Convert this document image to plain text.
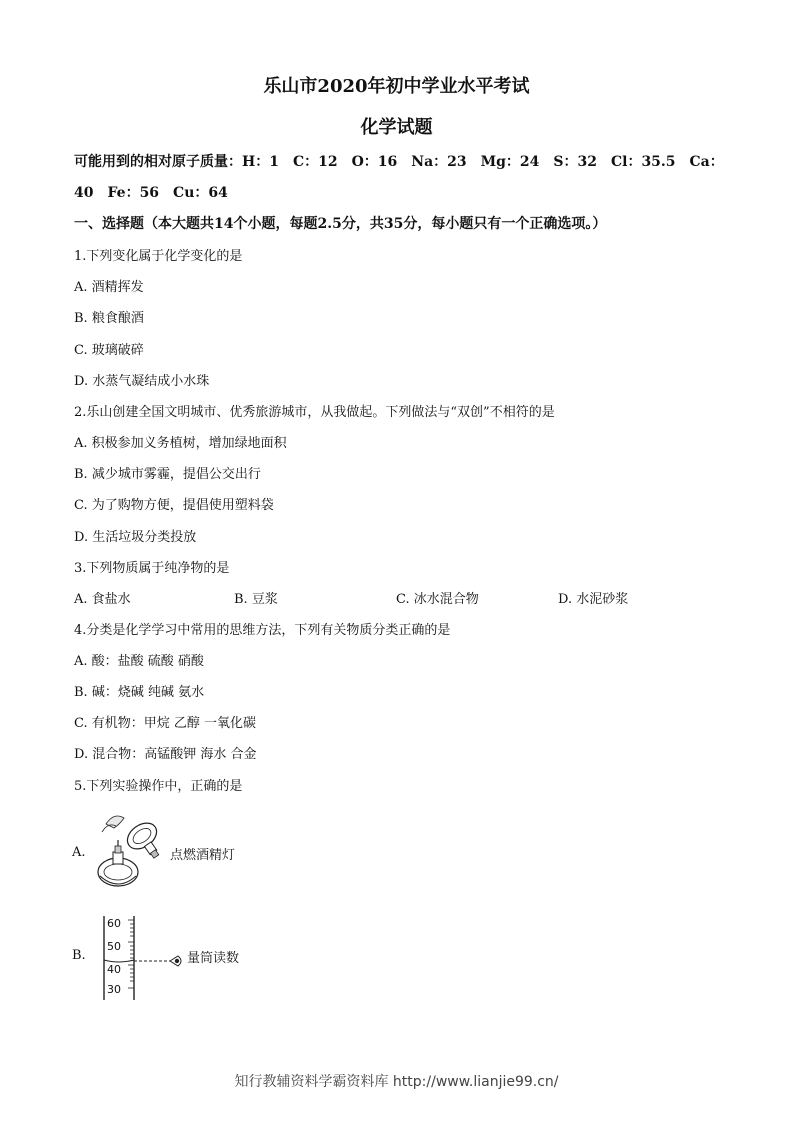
乐山市2020年初中学业水平考试
化学试题
可能用到的相对原子质量：H：1　C：12　O：16　Na：23　Mg：24　S：32　Cl：35.5　Ca：
40　Fe：56　Cu：64
一、选择题（本大题共14个小题，每题2.5分，共35分，每小题只有一个正确选项。）
1.下列变化属于化学变化的是
A. 酒精挥发
B. 粮食酿酒
C. 玻璃破碎
D. 水蒸气凝结成小水珠
2.乐山创建全国文明城市、优秀旅游城市，从我做起。下列做法与“双创”不相符的是
A. 积极参加义务植树，增加绿地面积
B. 减少城市雾霾，提倡公交出行
C. 为了购物方便，提倡使用塑料袋
D. 生活垃圾分类投放
3.下列物质属于纯净物的是
A. 食盐水	B. 豆浆	C. 冰水混合物	D. 水泥砂浆
4.分类是化学学习中常用的思维方法，下列有关物质分类正确的是
A. 酸：盐酸 硫酸 硝酸
B. 碱：烧碱 纯碱 氨水
C. 有机物：甲烷 乙醇 一氧化碳
D. 混合物：高锰酸钾 海水 合金
5.下列实验操作中，正确的是
A.	点燃酒精灯
B.
60
50
40
30
量筒读数
知行教辅资料学霸资料库 http://www.lianjie99.cn/
